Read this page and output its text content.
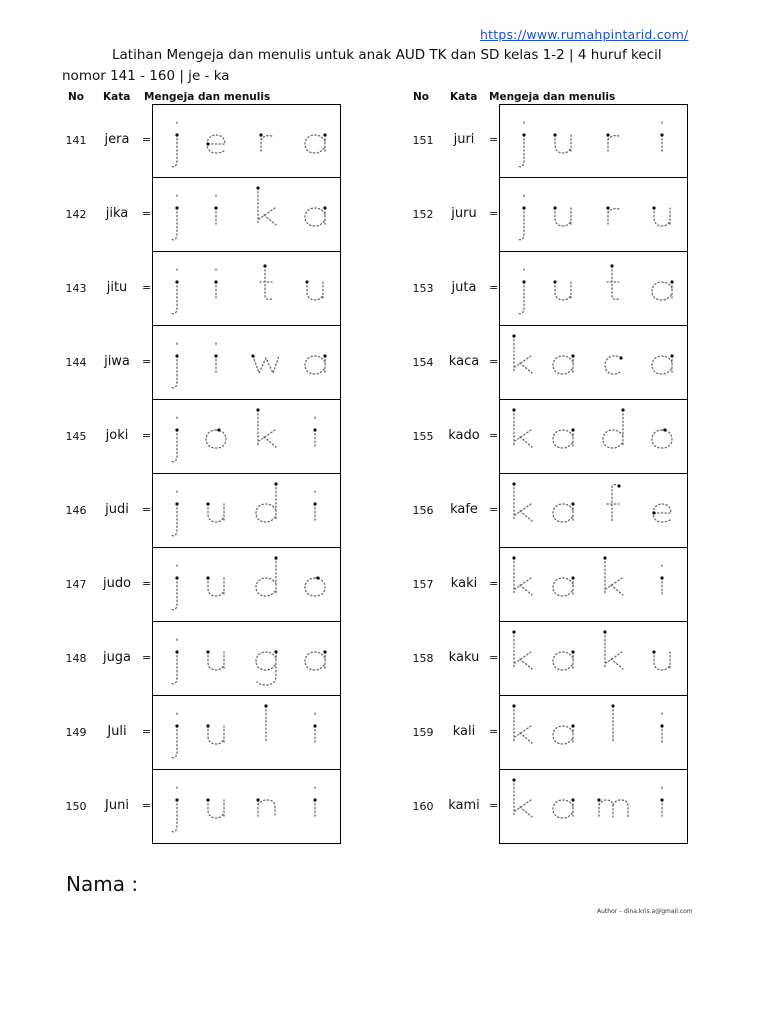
https://www.rumahpintarid.com/
Latihan Mengeja dan menulis untuk anak AUD TK dan SD kelas 1-2 | 4 huruf kecil
nomor 141 - 160 | je - ka
No Kata Mengeja dan menulis	No Kata Mengeja dan menulis
141	jera	=
142	jika	=
143	jitu	=
144	jiwa	=
145	joki	=
146	judi	=
147	judo =
148	juga =
149	Juli	=
150	Juni	=
151	juri	=
152	juru	=
153	juta	=
154	kaca =
155	kado =
156	kafe	=
157	kaki	=
158	kaku =
159	kali	=
160	kami =
Nama :
Author – dina.kris.a@gmail.com
